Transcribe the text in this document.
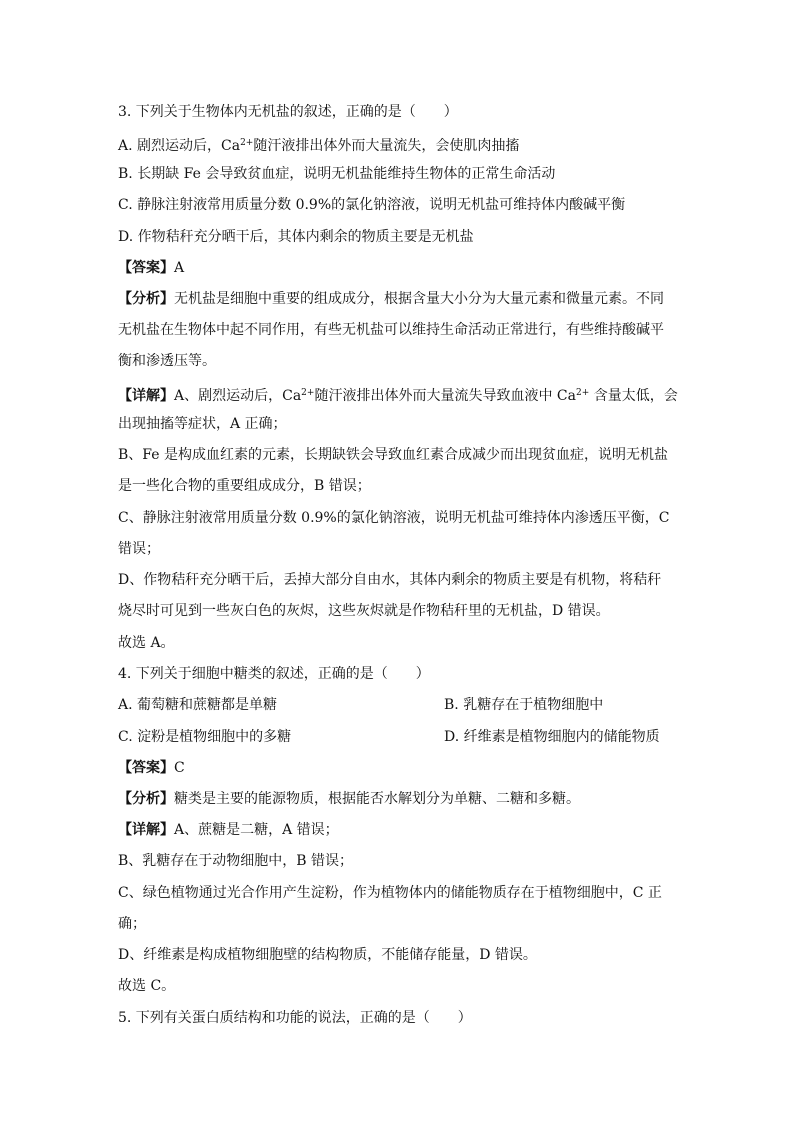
3. 下列关于生物体内无机盐的叙述，正确的是（　　）
A. 剧烈运动后，$Ca^{2+}$随汗液排出体外而大量流失，会使肌肉抽搐
B. 长期缺 Fe 会导致贫血症，说明无机盐能维持生物体的正常生命活动
C. 静脉注射液常用质量分数 0.9%的氯化钠溶液，说明无机盐可维持体内酸碱平衡
D. 作物秸秆充分晒干后，其体内剩余的物质主要是无机盐
【答案】A
【分析】无机盐是细胞中重要的组成成分，根据含量大小分为大量元素和微量元素。不同
无机盐在生物体中起不同作用，有些无机盐可以维持生命活动正常进行，有些维持酸碱平
衡和渗透压等。
【详解】A、剧烈运动后，$Ca^{2+}$随汗液排出体外而大量流失导致血液中 $Ca^{2+}$ 含量太低，会
出现抽搐等症状，A 正确；
B、Fe 是构成血红素的元素，长期缺铁会导致血红素合成减少而出现贫血症，说明无机盐
是一些化合物的重要组成成分，B 错误；
C、静脉注射液常用质量分数 0.9%的氯化钠溶液，说明无机盐可维持体内渗透压平衡，C
错误；
D、作物秸秆充分晒干后，丢掉大部分自由水，其体内剩余的物质主要是有机物，将秸秆
烧尽时可见到一些灰白色的灰烬，这些灰烬就是作物秸秆里的无机盐，D 错误。
故选 A。
4. 下列关于细胞中糖类的叙述，正确的是（　　）
A. 葡萄糖和蔗糖都是单糖	B. 乳糖存在于植物细胞中
C. 淀粉是植物细胞中的多糖	D. 纤维素是植物细胞内的储能物质
【答案】C
【分析】糖类是主要的能源物质，根据能否水解划分为单糖、二糖和多糖。
【详解】A、蔗糖是二糖，A 错误；
B、乳糖存在于动物细胞中，B 错误；
C、绿色植物通过光合作用产生淀粉，作为植物体内的储能物质存在于植物细胞中，C 正
确；
D、纤维素是构成植物细胞壁的结构物质，不能储存能量，D 错误。
故选 C。
5. 下列有关蛋白质结构和功能的说法，正确的是（　　）
